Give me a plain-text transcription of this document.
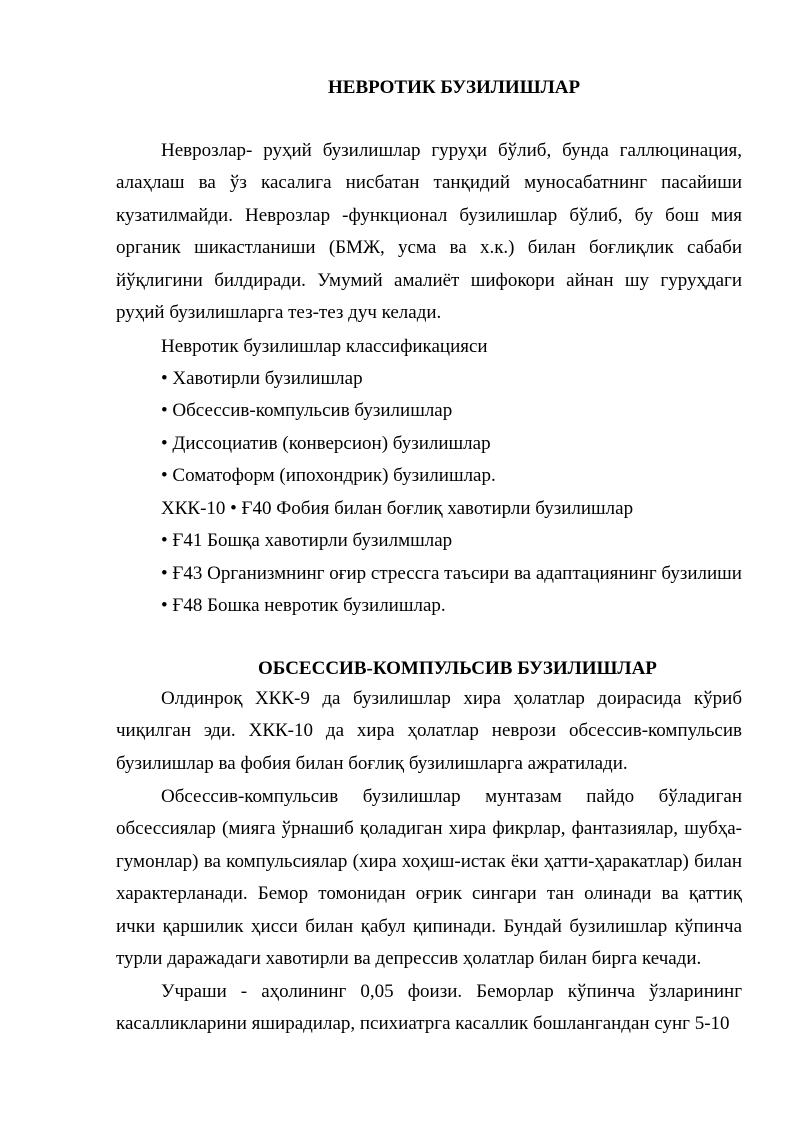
НЕВРОТИК БУЗИЛИШЛАР

Неврозлар- руҳий бузилишлар гуруҳи бўлиб, бунда галлюцинация, алаҳлаш ва ўз касалига нисбатан танқидий муносабатнинг пасайиши кузатилмайди. Неврозлар -функционал бузилишлар бўлиб, бу бош мия органик шикастланиши (БМЖ, усма ва х.к.) билан боғлиқлик сабаби йўқлигини билдиради. Умумий амалиёт шифокори айнан шу гуруҳдаги руҳий бузилишларга тез-тез дуч келади.

Невротик бузилишлар классификацияси
• Хавотирли бузилишлар
• Обсессив-компульсив бузилишлар
• Диссоциатив (конверсион) бузилишлар
• Соматоформ (ипохондрик) бузилишлар.
ХКК-10 • Ғ40 Фобия билан боғлиқ хавотирли бузилишлар
• Ғ41 Бошқа хавотирли бузилмшлар
• Ғ43 Организмнинг оғир стрессга таъсири ва адаптациянинг бузилиши
• Ғ48 Бошка невротик бузилишлар.
ОБСЕССИВ-КОМПУЛЬСИВ БУЗИЛИШЛАР

Олдинроқ ХКК-9 да бузилишлар хира ҳолатлар доирасида кўриб чиқилган эди. ХКК-10 да хира ҳолатлар неврози обсессив-компульсив бузилишлар ва фобия билан боғлиқ бузилишларга ажратилади.

Обсессив-компульсив бузилишлар мунтазам пайдо бўладиган обсессиялар (мияга ўрнашиб қоладиган хира фикрлар, фантазиялар, шубҳа-гумонлар) ва компульсиялар (хира хоҳиш-истак ёки ҳатти-ҳаракатлар) билан характерланади. Бемор томонидан оғрик сингари тан олинади ва қаттиқ ички қаршилик ҳисси билан қабул қипинади. Бундай бузилишлар кўпинча турли даражадаги хавотирли ва депрессив ҳолатлар билан бирга кечади.

Учраши - аҳолининг 0,05 фоизи. Беморлар кўпинча ўзларининг касалликларини яширадилар, психиатрга касаллик бошлангандан сунг 5-10
